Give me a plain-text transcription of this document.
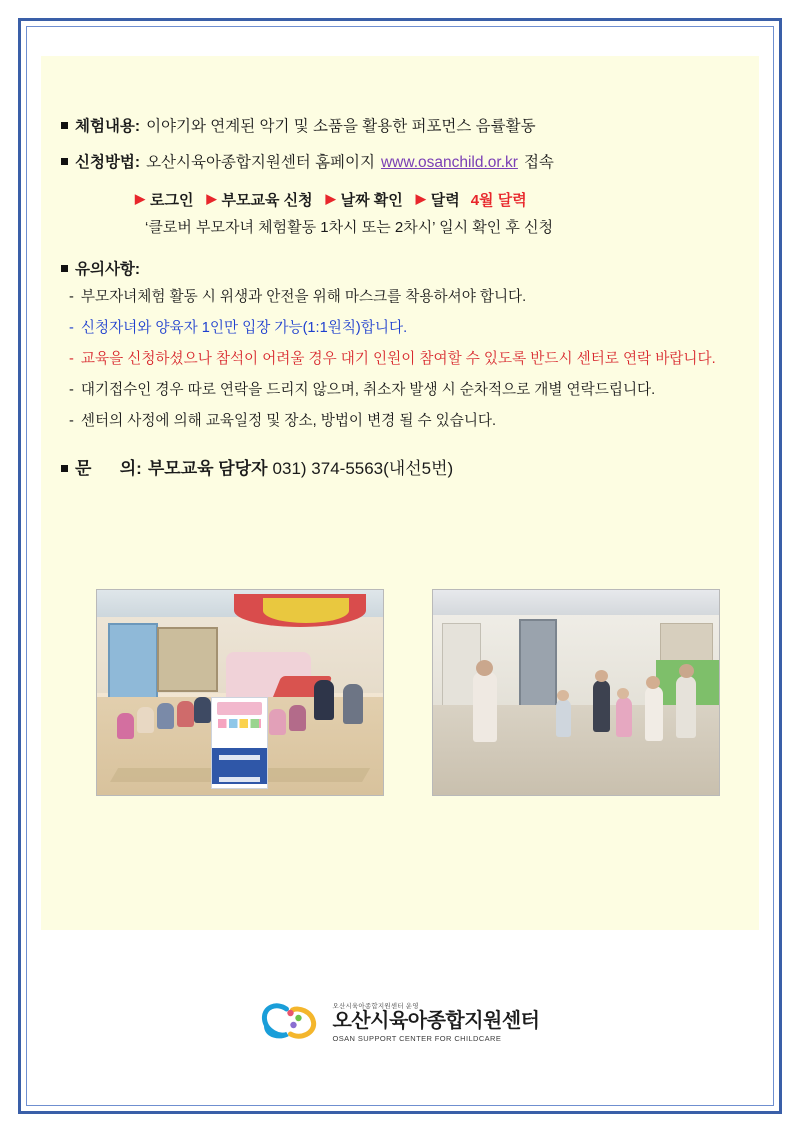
체험내용: 이야기와 연계된 악기 및 소품을 활용한 퍼포먼스 음률활동
신청방법: 오산시육아종합지원센터 홈페이지 www.osanchild.or.kr 접속
▶ 로그인 ▶ 부모교육 신청 ▶ 날짜 확인 ▶ 달력 4월 달력
‘클로버 부모자녀 체험활동 1차시 또는 2차시’ 일시 확인 후 신청
유의사항:
- 부모자녀체험 활동 시 위생과 안전을 위해 마스크를 착용하셔야 합니다.
- 신청자녀와 양육자 1인만 입장 가능(1:1원칙)합니다.
- 교육을 신청하셨으나 참석이 어려울 경우 대기 인원이 참여할 수 있도록 반드시 센터로 연락 바랍니다.
- 대기접수인 경우 따로 연락을 드리지 않으며, 취소자 발생 시 순차적으로 개별 연락드립니다.
- 센터의 사정에 의해 교육일정 및 장소, 방법이 변경 될 수 있습니다.
문      의: 부모교육 담당자 031) 374-5563(내선5번)
오산시육아종합지원센터 운영
오산시육아종합지원센터
OSAN SUPPORT CENTER FOR CHILDCARE
